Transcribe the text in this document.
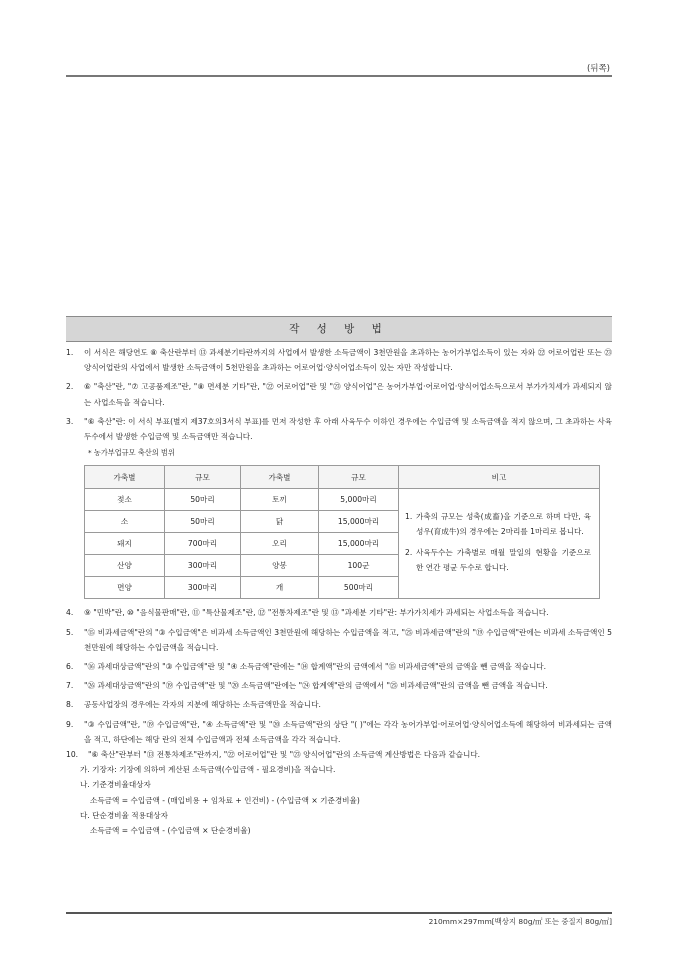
(뒤쪽)
작 성 방 법
1. 이 서식은 해당연도 ⑧ 축산란부터 ⑬ 과세분기타란까지의 사업에서 발생한 소득금액이 3천만원을 초과하는 농어가부업소득이 있는 자와 ㉒ 어로어업란 또는 ㉓ 양식어업란의 사업에서 발생한 소득금액이 5천만원을 초과하는 어로어업·양식어업소득이 있는 자만 작성합니다.
2. ⑥ "축산"란, "⑦ 고공품제조"란, "⑧ 면세분 기타"란, "㉒ 어로어업"란 및 "㉓ 양식어업"은 농어가부업·어로어업·양식어업소득으로서 부가가치세가 과세되지 않는 사업소득을 적습니다.
3. "⑥ 축산"란: 이 서식 부표(별지 제37호의3서식 부표)를 먼저 작성한 후 아래 사육두수 이하인 경우에는 수입금액 및 소득금액을 적지 않으며, 그 초과하는 사육두수에서 발생한 수입금액 및 소득금액만 적습니다.
* 농가부업규모 축산의 범위
가축별	규모	가축별	규모	비고
젖소	50마리	토끼	5,000마리	1. 가축의 규모는 성축(成畜)을 기준으로 하며 다만, 육성우(育成牛)의 경우에는 2마리를 1마리로 봅니다.
2. 사육두수는 가축별로 매월 말일의 현황을 기준으로 한 연간 평균 두수로 합니다.

소	50마리	닭	15,000마리	
돼지	700마리	오리	15,000마리	
산양	300마리	양봉	100군	
면양	300마리	개	500마리	
4. ⑨ "민박"란, ⑩ "음식물판매"란, ⑪ "특산물제조"란, ⑫ "전통차제조"란 및 ⑬ "과세분 기타"란: 부가가치세가 과세되는 사업소득을 적습니다.
5. "⑮ 비과세금액"란의 "③ 수입금액"은 비과세 소득금액인 3천만원에 해당하는 수입금액을 적고, "㉕ 비과세금액"란의 "⑲ 수입금액"란에는 비과세 소득금액인 5천만원에 해당하는 수입금액을 적습니다.
6. "⑯ 과세대상금액"란의 "③ 수입금액"란 및 "④ 소득금액"란에는 "⑭ 합계액"란의 금액에서 "⑮ 비과세금액"란의 금액을 뺀 금액을 적습니다.
7. "㉖ 과세대상금액"란의 "⑲ 수입금액"란 및 "⑳ 소득금액"란에는 "㉔ 합계액"란의 금액에서 "㉕ 비과세금액"란의 금액을 뺀 금액을 적습니다.
8. 공동사업장의 경우에는 각자의 지분에 해당하는 소득금액만을 적습니다.
9. "③ 수입금액"란, "⑲ 수입금액"란, "④ 소득금액"란 및 "⑳ 소득금액"란의 상단 "( )"에는 각각 농어가부업·어로어업·양식어업소득에 해당하여 비과세되는 금액을 적고, 하단에는 해당 란의 전체 수입금액과 전체 소득금액을 각각 적습니다.
10. "⑥ 축산"란부터 "⑬ 전통차제조"란까지, "㉒ 어로어업"란 및 "㉓ 양식어업"란의 소득금액 계산방법은 다음과 같습니다.
가. 기장자: 기장에 의하여 계산된 소득금액(수입금액 - 필요경비)을 적습니다.
나. 기준경비율대상자
소득금액 = 수입금액 - (매입비용 + 임차료 + 인건비) - (수입금액 × 기준경비율)
다. 단순경비율 적용대상자
소득금액 = 수입금액 - (수입금액 × 단순경비율)
210mm×297mm[백상지 80g/㎡ 또는 중질지 80g/㎡]
